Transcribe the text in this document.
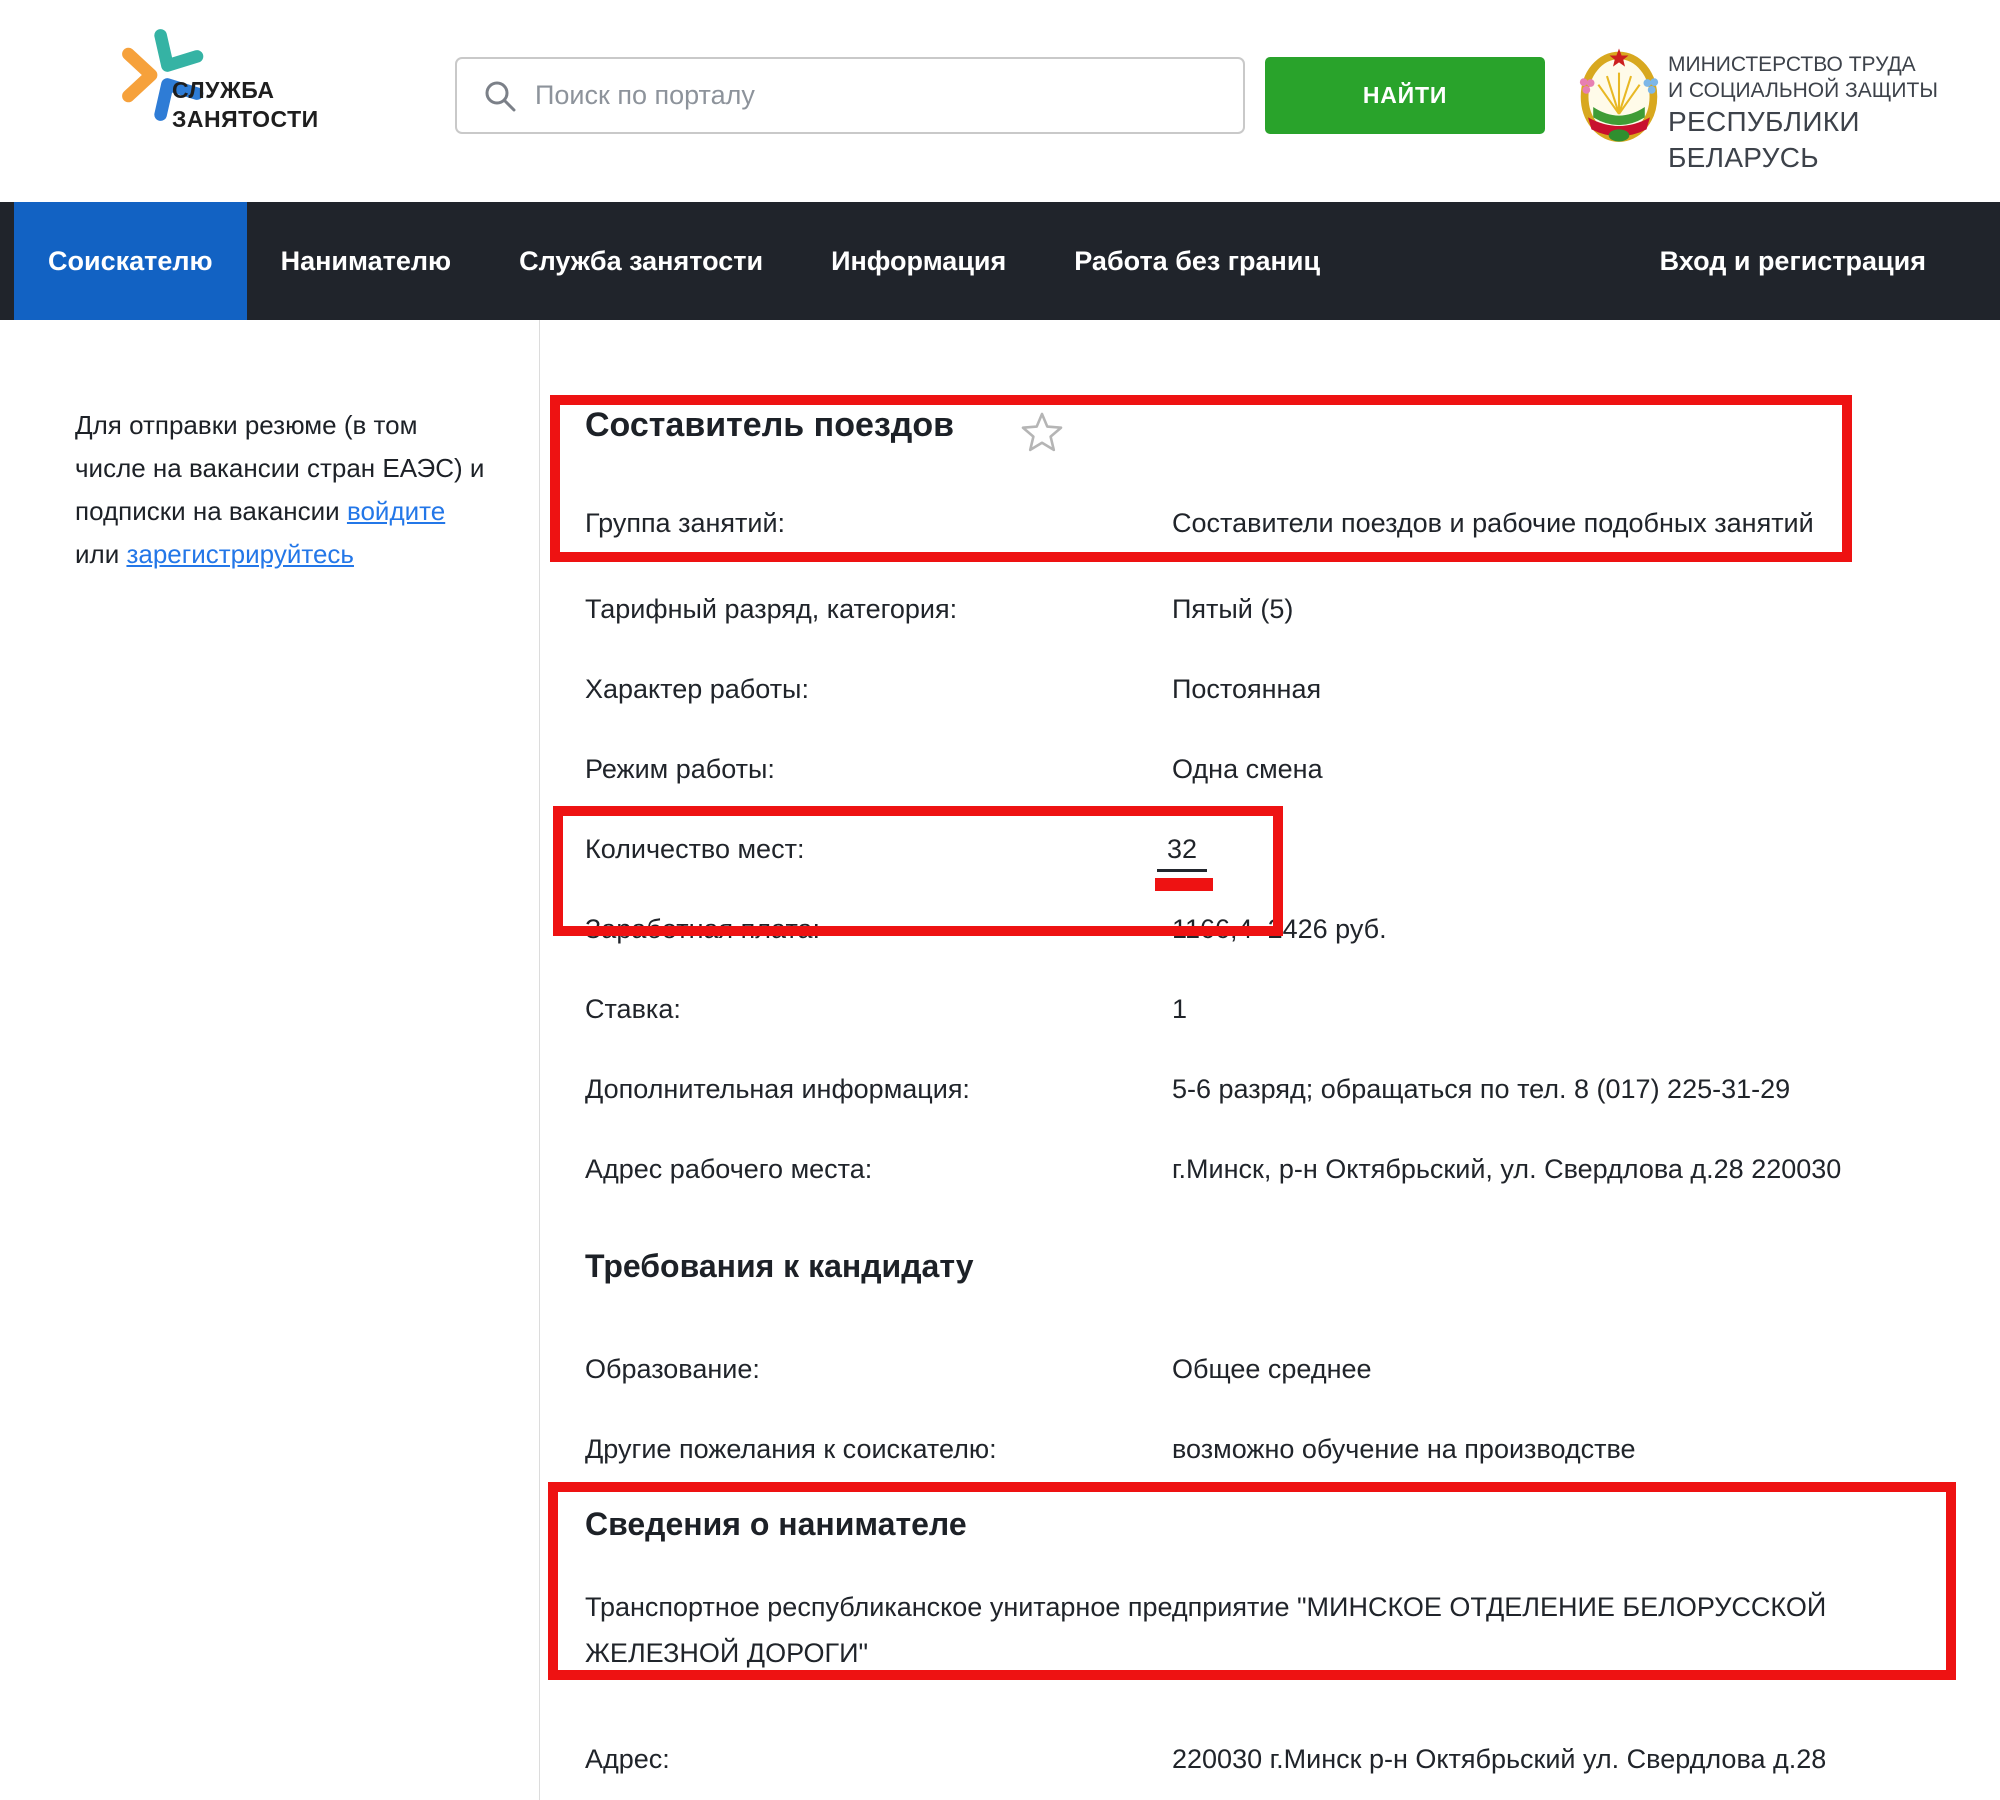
СЛУЖБА
ЗАНЯТОСТИ
Поиск по порталу
НАЙТИ
МИНИСТЕРСТВО ТРУДА
И СОЦИАЛЬНОЙ ЗАЩИТЫ
РЕСПУБЛИКИ БЕЛАРУСЬ
Соискателю	Нанимателю	Служба занятости	Информация	Работа без границ	Вход и регистрация
Для отправки резюме (в том
числе на вакансии стран ЕАЭС) и
подписки на вакансии войдите
или зарегистрируйтесь
Составитель поездов
Группа занятий:	Составители поездов и рабочие подобных занятий
Тарифный разряд, категория:	Пятый (5)
Характер работы:	Постоянная
Режим работы:	Одна смена
Количество мест:	32
Заработная плата:	1166,4–2426 руб.
Ставка:	1
Дополнительная информация:	5-6 разряд; обращаться по тел. 8 (017) 225-31-29
Адрес рабочего места:	г.Минск, р-н Октябрьский, ул. Свердлова д.28 220030
Требования к кандидату
Образование:	Общее среднее
Другие пожелания к соискателю:	возможно обучение на производстве
Сведения о нанимателе
Транспортное республиканское унитарное предприятие "МИНСКОЕ ОТДЕЛЕНИЕ БЕЛОРУССКОЙ ЖЕЛЕЗНОЙ ДОРОГИ"
Адрес:	220030 г.Минск р-н Октябрьский ул. Свердлова д.28
